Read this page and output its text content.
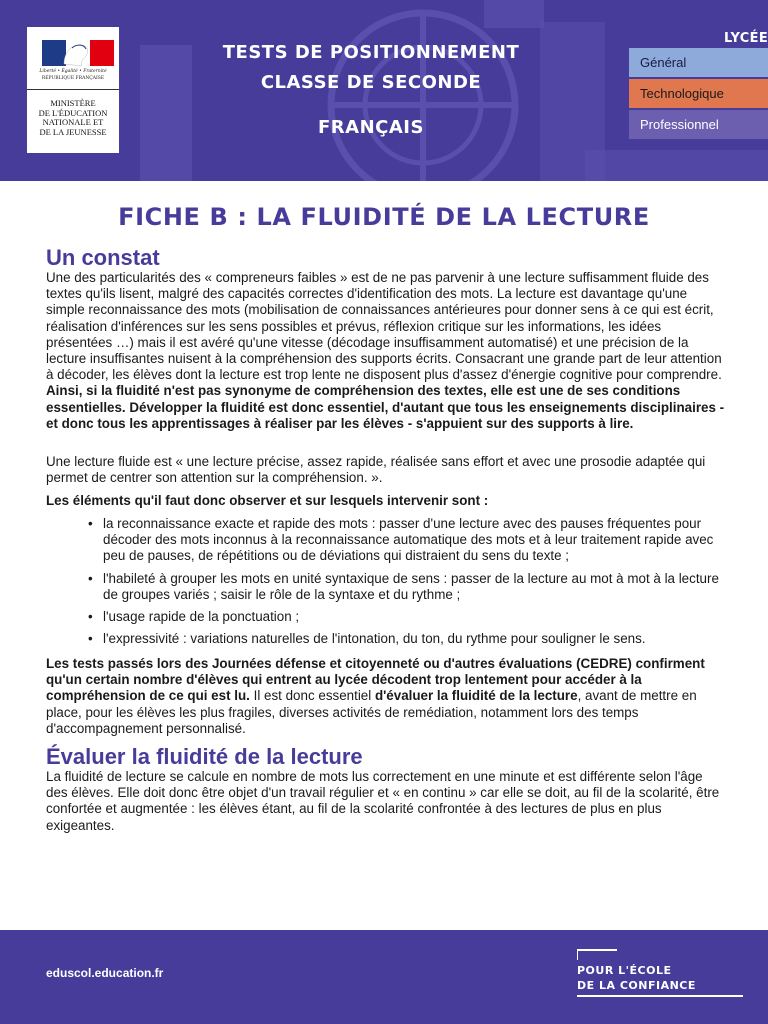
Liberté • Égalité • Fraternité
RÉPUBLIQUE FRANÇAISE
MINISTÈRE
DE L'ÉDUCATION
NATIONALE ET
DE LA JEUNESSE
TESTS DE POSITIONNEMENT
CLASSE DE SECONDE
FRANÇAIS
LYCÉE
Général
Technologique
Professionnel
FICHE B : LA FLUIDITÉ DE LA LECTURE
Un constat
Une des particularités des « compreneurs faibles » est de ne pas parvenir à une lecture suffisamment fluide des textes qu'ils lisent, malgré des capacités correctes d'identification des mots. La lecture est davantage qu'une simple reconnaissance des mots (mobilisation de connaissances antérieures pour donner sens à ce qui est écrit, réalisation d'inférences sur les sens possibles et prévus, réflexion critique sur les informations, les idées présentées …) mais il est avéré qu'une vitesse (décodage insuffisamment automatisé) et une précision de la lecture insuffisantes nuisent à la compréhension des supports écrits. Consacrant une grande part de leur attention à décoder, les élèves dont la lecture est trop lente ne disposent plus d'assez d'énergie cognitive pour comprendre. Ainsi, si la fluidité n'est pas synonyme de compréhension des textes, elle est une de ses conditions essentielles. Développer la fluidité est donc essentiel, d'autant que tous les enseignements disciplinaires - et donc tous les apprentissages à réaliser par les élèves - s'appuient sur des supports à lire.
Une lecture fluide est « une lecture précise, assez rapide, réalisée sans effort et avec une prosodie adaptée qui permet de centrer son attention sur la compréhension. ».
Les éléments qu'il faut donc observer et sur lesquels intervenir sont :
• la reconnaissance exacte et rapide des mots : passer d'une lecture avec des pauses fréquentes pour décoder des mots inconnus à la reconnaissance automatique des mots et à leur traitement rapide avec peu de pauses, de répétitions ou de déviations qui distraient du sens du texte ;
• l'habileté à grouper les mots en unité syntaxique de sens : passer de la lecture au mot à mot à la lecture de groupes variés ; saisir le rôle de la syntaxe et du rythme ;
• l'usage rapide de la ponctuation ;
• l'expressivité : variations naturelles de l'intonation, du ton, du rythme pour souligner le sens.
Les tests passés lors des Journées défense et citoyenneté ou d'autres évaluations (CEDRE) confirment qu'un certain nombre d'élèves qui entrent au lycée décodent trop lentement pour accéder à la compréhension de ce qui est lu. Il est donc essentiel d'évaluer la fluidité de la lecture, avant de mettre en place, pour les élèves les plus fragiles, diverses activités de remédiation, notamment lors des temps d'accompagnement personnalisé.
Évaluer la fluidité de la lecture
La fluidité de lecture se calcule en nombre de mots lus correctement en une minute et est différente selon l'âge des élèves. Elle doit donc être objet d'un travail régulier et « en continu » car elle se doit, au fil de la scolarité, être confortée et augmentée : les élèves étant, au fil de la scolarité confrontée à des lectures de plus en plus exigeantes.
eduscol.education.fr	POUR L'ÉCOLE
DE LA CONFIANCE
